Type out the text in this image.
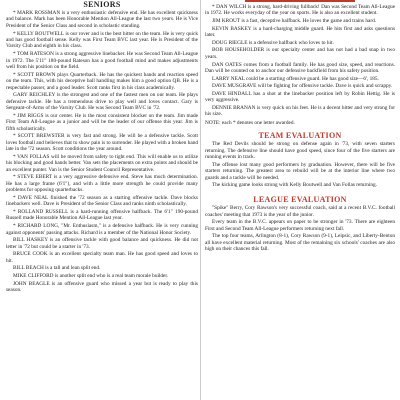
SENIORS

* MARK ROSSMAN is a very enthusiastic defensive end. He has excellent quickness and balance. Mark has been Honorable Mention All-League the last two years. He is Vice President of the Senior Class and second in scholastic standing.

* KELLY BOUTWELL is our rover and is the best hitter on the team. He is very quick and has good football sense. Kelly was First Team BVC last year. He is President of the Varsity Club and eighth in his class.

* TOM RATESON is a strong aggressive linebacker. He was Second Team All-League in 1972. The 5'11" 180-pound Rateson has a good football mind and makes adjustments well from his position on the field.

* SCOTT BROWN plays Quarterback. He has the quickest hands and reaction speed on the team. This, with his deceptive ball handling makes him a good option QB. He is a respectable passer, and a good leader. Scott ranks first in his class academically.

GARY REICHLEY is the strongest and one of the fastest men on our team. He plays defensive tackle. He has a tremendous drive to play well and loves contact. Gary is Sergeant-of-Arms of the Varsity Club. He was Second Team BVC in '72.

* JIM RIGGS is our center. He is the most consistent blocker on the team. Jim made First Team All-League as a junior and will be the leader of our offense this year. Jim is fifth scholastically.

* SCOTT BREWSTER is very fast and strong. He will be a defensive tackle. Scott loves football and believes that to show pain is to surrender. He played with a broken hand late in the '72 season. Scott conditions the year around.

* VAN FOLLAS will be moved from safety to tight end. This will enable us to utilize his blocking and good hands better. Van sets the placements on extra points and should be an excellent punter. Van is the Senior Student Council Representative.

* STEVE EBERT is a very aggressive defensive end. Steve has much determination. He has a large frame (6'1"), and with a little more strength he could provide many problems for opposing quarterbacks.

* DAVE NEAL finished the '72 season as a starting offensive tackle. Dave blocks linebackers well. Dave is President of the Senior Class and ranks ninth scholastically.

* ROLLAND RUSSELL is a hard-running offensive halfback. The 6'1" 190-pound Russell made Honorable Mention All-League last year.

* RICHARD LONG, "Mr. Enthusiasm," is a defensive halfback. He is very cunning against opponents' passing attacks. Richard is a member of the National Honor Society.

BILL HASKEY is an offensive tackle with good balance and quickness. He did not letter in '72 but could be a starter in '73.

BRUCE COOK is an excellent specialty team man. He has good speed and loves to hit.

BILL BEACH is a tall and lean split end.

MIKE CLIFFORD is another split end who is a real team morale builder.

JOHN BEAGLE is an offensive guard who missed a year but is ready to play this season.

* DAN WILCH is a strong, hard-driving fullback! Dan was Second Team All-League in 1972. He works everyday of the year on sports. He is also an excellent student.

JIM KROUT is a fast, deceptive halfback. He loves the game and trains hard.

KEVIN BASKEY is a hard-charging middle guard. He hits first and asks questions later.

DOUG RIEGLE is a defensive halfback who loves to hit.

BOB HOUSEHOLDER is our specialty center and has not had a bad snap in two years.

DAN OATES comes from a football family. He has good size, speed, and reactions. Dan will be counted on to anchor our defensive backfield from his safety position.

LARRY NEAL could be a starting offensive guard. He has good size—6', 185.

DAVE MUSGRAVE will be fighting for offensive tackle. Dave is quick and scrappy.

DAVE HINDALL has a shot at the linebacker position left by Robin Hettig. He is very aggressive.

DENNIE BRANAN is very quick on his feet. He is a decent hitter and very strong for his size.

NOTE: each * denotes one letter awarded.

TEAM EVALUATION

The Red Devils should be strong on defense again in '73, with seven starters returning. The defensive line should have good speed, since four of the five starters are running events in track.

The offense lost many good performers by graduation. However, there will be five starters returning. The greatest area to rebuild will be at the interior line where two guards and a tackle will be needed.

The kicking game looks strong with Kelly Boutwell and Van Follas returning.

LEAGUE EVALUATION

"Spike" Berry, Cory Rawson's very successful coach, said at a recent B.V.C. football coaches' meeting that 1973 is the year of the junior.

Every team in the B.V.C. appears on paper to be stronger in '73. There are eighteen First and Second Team All-League performers returning next fall.

The top four teams, Arlington (8-1), Cory Rawson (9-1), Leipsic, and Liberty-Benton all have excellent material returning. Most of the remaining six schools' coaches are also high on their chances this fall.
